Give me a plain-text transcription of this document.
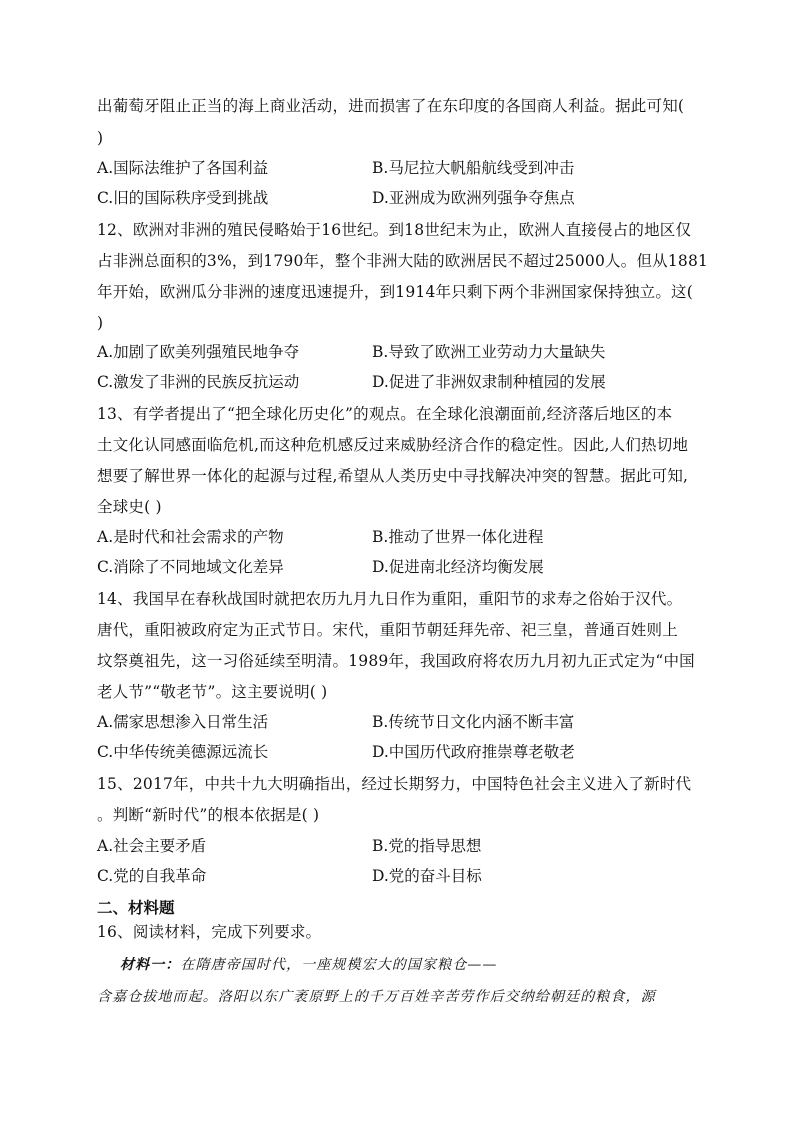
出葡萄牙阻止正当的海上商业活动，进而损害了在东印度的各国商人利益。据此可知(
)
A.国际法维护了各国利益	B.马尼拉大帆船航线受到冲击
C.旧的国际秩序受到挑战	D.亚洲成为欧洲列强争夺焦点
12、欧洲对非洲的殖民侵略始于16世纪。到18世纪末为止，欧洲人直接侵占的地区仅
占非洲总面积的3%，到1790年，整个非洲大陆的欧洲居民不超过25000人。但从1881
年开始，欧洲瓜分非洲的速度迅速提升，到1914年只剩下两个非洲国家保持独立。这(
)
A.加剧了欧美列强殖民地争夺	B.导致了欧洲工业劳动力大量缺失
C.激发了非洲的民族反抗运动	D.促进了非洲奴隶制种植园的发展
13、有学者提出了“把全球化历史化”的观点。在全球化浪潮面前,经济落后地区的本
土文化认同感面临危机,而这种危机感反过来威胁经济合作的稳定性。因此,人们热切地
想要了解世界一体化的起源与过程,希望从人类历史中寻找解决冲突的智慧。据此可知,
全球史( )
A.是时代和社会需求的产物	B.推动了世界一体化进程
C.消除了不同地域文化差异	D.促进南北经济均衡发展
14、我国早在春秋战国时就把农历九月九日作为重阳，重阳节的求寿之俗始于汉代。
唐代，重阳被政府定为正式节日。宋代，重阳节朝廷拜先帝、祀三皇，普通百姓则上
坟祭奠祖先，这一习俗延续至明清。1989年，我国政府将农历九月初九正式定为“中国
老人节”“敬老节”。这主要说明( )
A.儒家思想渗入日常生活	B.传统节日文化内涵不断丰富
C.中华传统美德源远流长	D.中国历代政府推崇尊老敬老
15、2017年，中共十九大明确指出，经过长期努力，中国特色社会主义进入了新时代
。判断“新时代”的根本依据是( )
A.社会主要矛盾	B.党的指导思想
C.党的自我革命	D.党的奋斗目标
二、材料题
16、阅读材料，完成下列要求。
材料一：在隋唐帝国时代，一座规模宏大的国家粮仓——
含嘉仓拔地而起。洛阳以东广袤原野上的千万百姓辛苦劳作后交纳给朝廷的粮食，源
